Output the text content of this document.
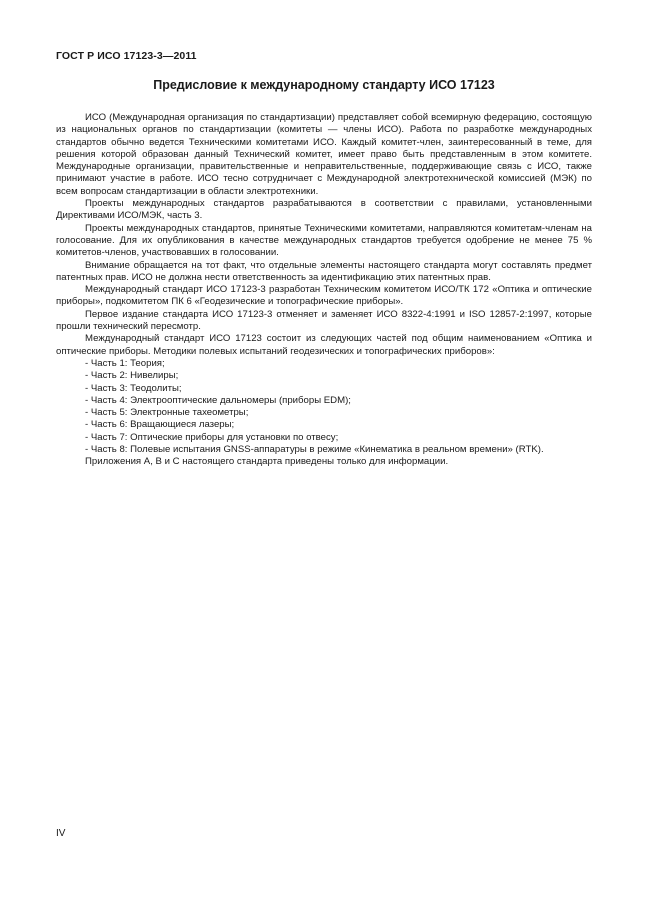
ГОСТ Р ИСО 17123-3—2011
Предисловие к международному стандарту ИСО 17123

ИСО (Международная организация по стандартизации) представляет собой всемирную федерацию, состоящую из национальных органов по стандартизации (комитеты — члены ИСО). Работа по разработке международных стандартов обычно ведется Техническими комитетами ИСО. Каждый комитет-член, заинтересованный в теме, для решения которой образован данный Технический комитет, имеет право быть представленным в этом комитете. Международные организации, правительственные и неправительственные, поддерживающие связь с ИСО, также принимают участие в работе. ИСО тесно сотрудничает с Международной электротехнической комиссией (МЭК) по всем вопросам стандартизации в области электротехники.

Проекты международных стандартов разрабатываются в соответствии с правилами, установленными Директивами ИСО/МЭК, часть 3.

Проекты международных стандартов, принятые Техническими комитетами, направляются комитетам-членам на голосование. Для их опубликования в качестве международных стандартов требуется одобрение не менее 75 % комитетов-членов, участвовавших в голосовании.

Внимание обращается на тот факт, что отдельные элементы настоящего стандарта могут составлять предмет патентных прав. ИСО не должна нести ответственность за идентификацию этих патентных прав.

Международный стандарт ИСО 17123-3 разработан Техническим комитетом ИСО/ТК 172 «Оптика и оптические приборы», подкомитетом ПК 6 «Геодезические и топографические приборы».

Первое издание стандарта ИСО 17123-3 отменяет и заменяет ИСО 8322-4:1991 и ISO 12857-2:1997, которые прошли технический пересмотр.

Международный стандарт ИСО 17123 состоит из следующих частей под общим наименованием «Оптика и оптические приборы. Методики полевых испытаний геодезических и топографических приборов»:

- Часть 1: Теория;
- Часть 2: Нивелиры;
- Часть 3: Теодолиты;
- Часть 4: Электрооптические дальномеры (приборы EDM);
- Часть 5: Электронные тахеометры;
- Часть 6: Вращающиеся лазеры;
- Часть 7: Оптические приборы для установки по отвесу;
- Часть 8: Полевые испытания GNSS-аппаратуры в режиме «Кинематика в реальном времени» (RTK).

Приложения А, В и С настоящего стандарта приведены только для информации.

IV
